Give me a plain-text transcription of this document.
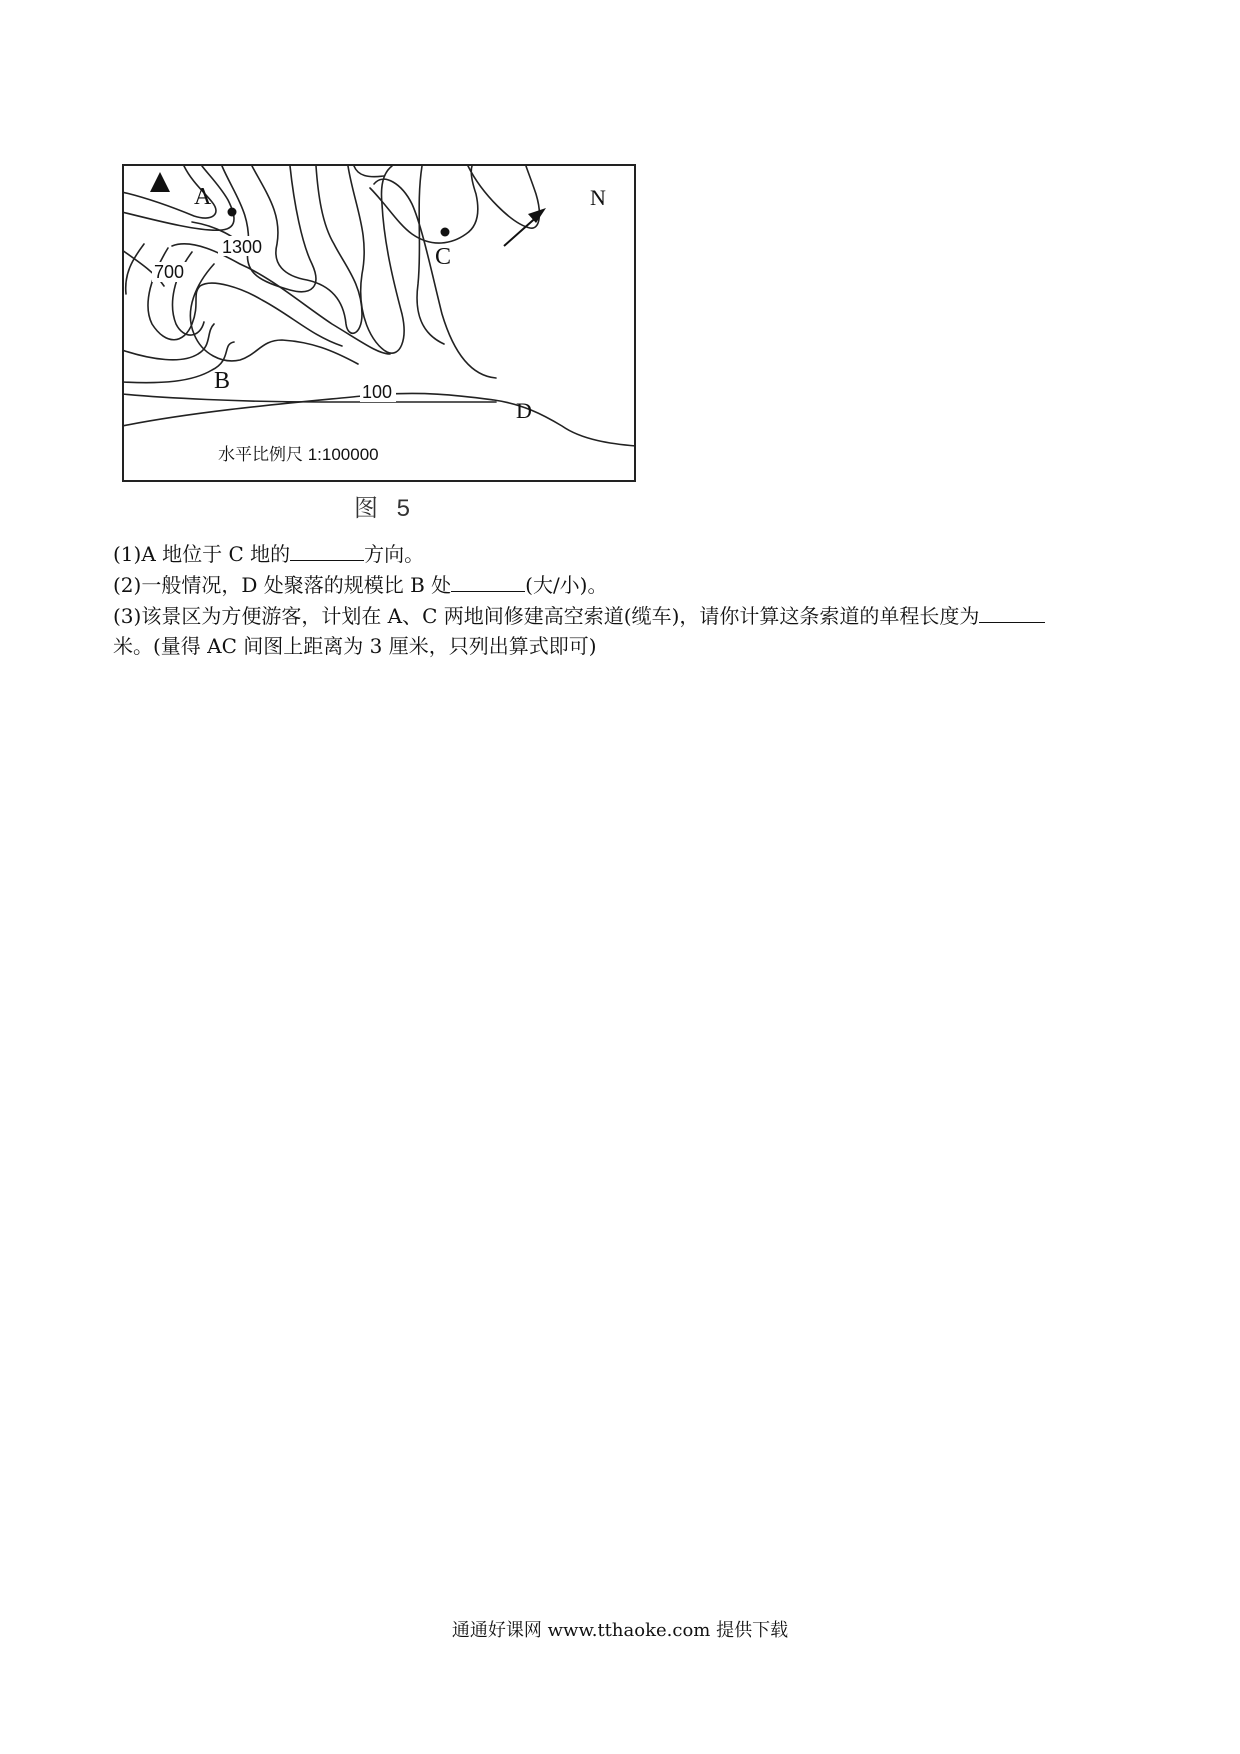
A
C
B
D
N
1300
700
100
水平比例尺 1:100000
图 5

(1)A 地位于 C 地的	方向。

(2)一般情况，D 处聚落的规模比 B 处	(大/小)。

(3)该景区为方便游客，计划在 A、C 两地间修建高空索道(缆车)，请你计算这条索道的单程长度为

米。(量得 AC 间图上距离为 3 厘米，只列出算式即可)

通通好课网 www.tthaoke.com 提供下载
